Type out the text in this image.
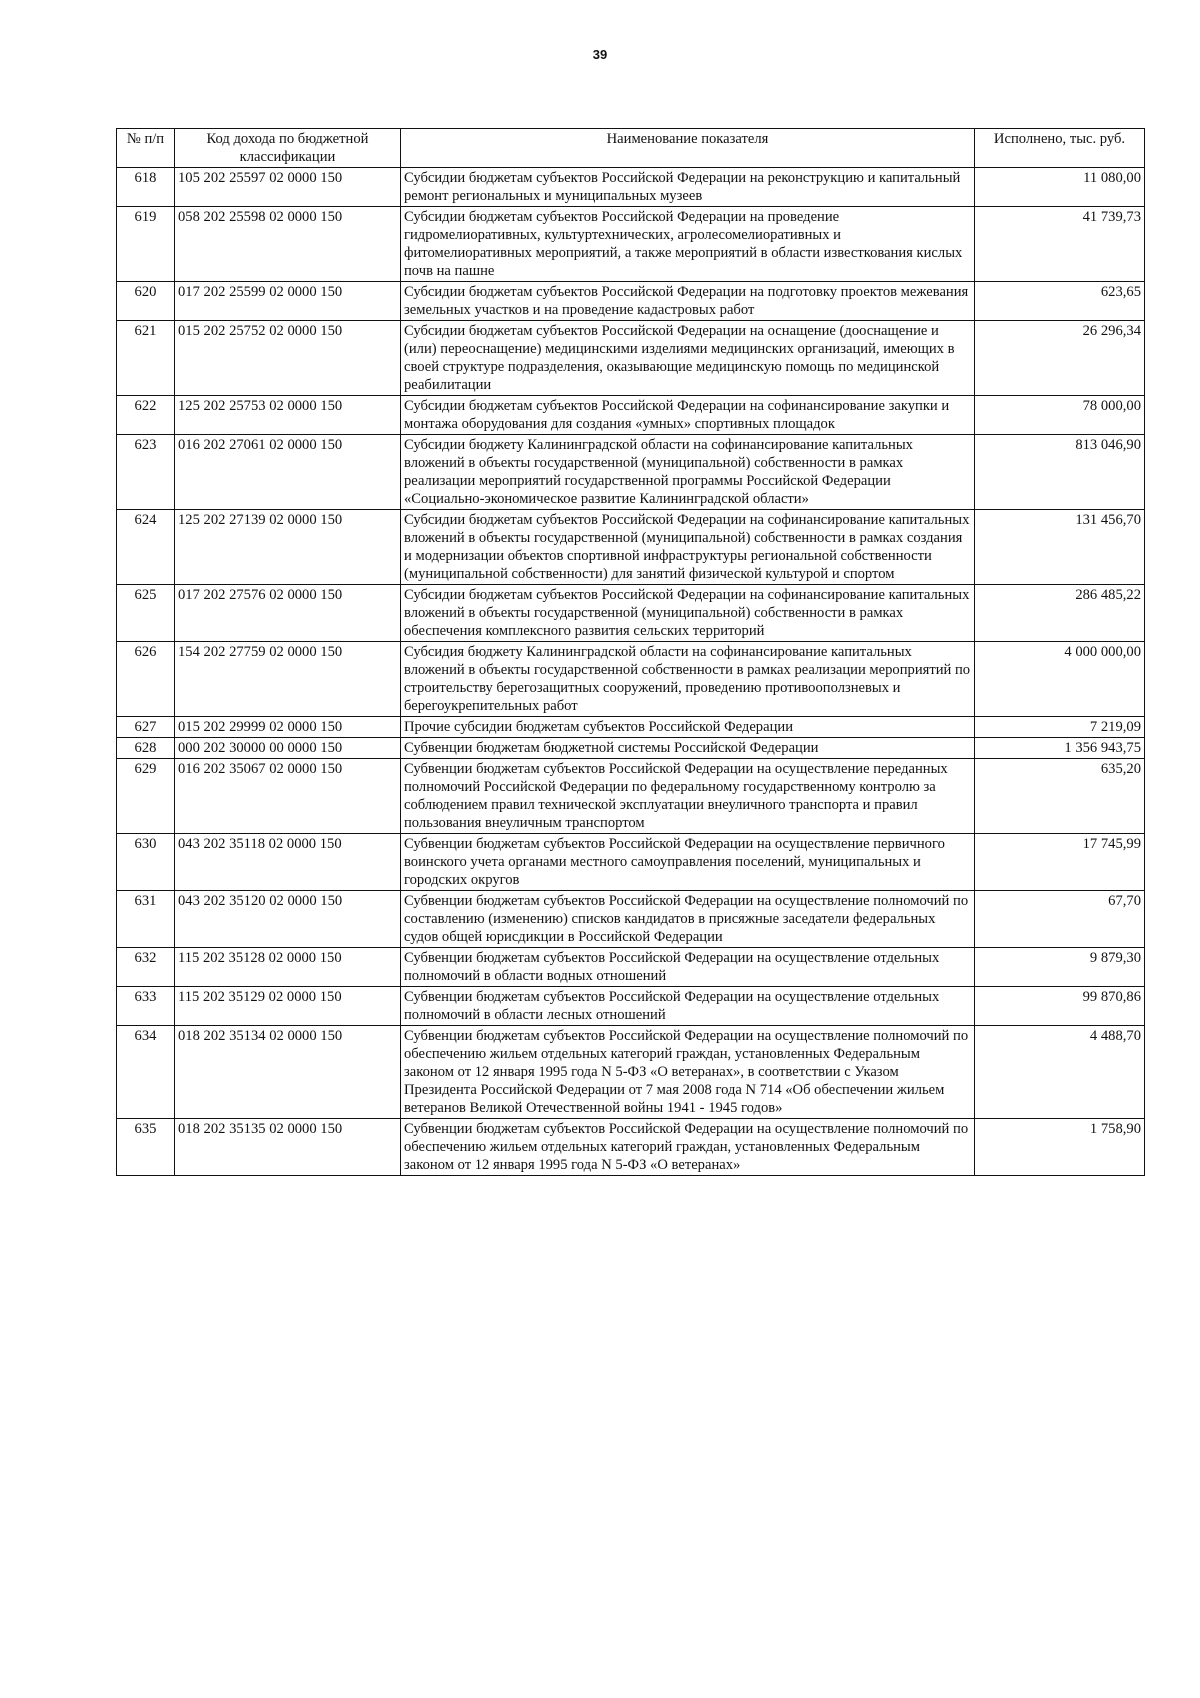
39
№ п/п	Код дохода по бюджетной классификации	Наименование показателя	Исполнено, тыс. руб.
618	105 202 25597 02 0000 150	Субсидии бюджетам субъектов Российской Федерации на реконструкцию и капитальный ремонт региональных и муниципальных музеев	11 080,00
619	058 202 25598 02 0000 150	Субсидии бюджетам субъектов Российской Федерации на проведение гидромелиоративных, культуртехнических, агролесомелиоративных и фитомелиоративных мероприятий, а также мероприятий в области известкования кислых почв на пашне	41 739,73
620	017 202 25599 02 0000 150	Субсидии бюджетам субъектов Российской Федерации на подготовку проектов межевания земельных участков и на проведение кадастровых работ	623,65
621	015 202 25752 02 0000 150	Субсидии бюджетам субъектов Российской Федерации на оснащение (дооснащение и (или) переоснащение) медицинскими изделиями медицинских организаций, имеющих в своей структуре подразделения, оказывающие медицинскую помощь по медицинской реабилитации	26 296,34
622	125 202 25753 02 0000 150	Субсидии бюджетам субъектов Российской Федерации на софинансирование закупки и монтажа оборудования для создания «умных» спортивных площадок	78 000,00
623	016 202 27061 02 0000 150	Субсидии бюджету Калининградской области на софинансирование капитальных вложений в объекты государственной (муниципальной) собственности в рамках реализации мероприятий государственной программы Российской Федерации «Социально-экономическое развитие Калининградской области»	813 046,90
624	125 202 27139 02 0000 150	Субсидии бюджетам субъектов Российской Федерации на софинансирование капитальных вложений в объекты государственной (муниципальной) собственности в рамках создания и модернизации объектов спортивной инфраструктуры региональной собственности (муниципальной собственности) для занятий физической культурой и спортом	131 456,70
625	017 202 27576 02 0000 150	Субсидии бюджетам субъектов Российской Федерации на софинансирование капитальных вложений в объекты государственной (муниципальной) собственности в рамках обеспечения комплексного развития сельских территорий	286 485,22
626	154 202 27759 02 0000 150	Субсидия бюджету Калининградской области на софинансирование капитальных вложений в объекты государственной собственности в рамках реализации мероприятий по строительству берегозащитных сооружений, проведению противооползневых и берегоукрепительных работ	4 000 000,00
627	015 202 29999 02 0000 150	Прочие субсидии бюджетам субъектов Российской Федерации	7 219,09
628	000 202 30000 00 0000 150	Субвенции бюджетам бюджетной системы Российской Федерации	1 356 943,75
629	016 202 35067 02 0000 150	Субвенции бюджетам субъектов Российской Федерации на осуществление переданных полномочий Российской Федерации по федеральному государственному контролю за соблюдением правил технической эксплуатации внеуличного транспорта и правил пользования внеуличным транспортом	635,20
630	043 202 35118 02 0000 150	Субвенции бюджетам субъектов Российской Федерации на осуществление первичного воинского учета органами местного самоуправления поселений, муниципальных и городских округов	17 745,99
631	043 202 35120 02 0000 150	Субвенции бюджетам субъектов Российской Федерации на осуществление полномочий по составлению (изменению) списков кандидатов в присяжные заседатели федеральных судов общей юрисдикции в Российской Федерации	67,70
632	115 202 35128 02 0000 150	Субвенции бюджетам субъектов Российской Федерации на осуществление отдельных полномочий в области водных отношений	9 879,30
633	115 202 35129 02 0000 150	Субвенции бюджетам субъектов Российской Федерации на осуществление отдельных полномочий в области лесных отношений	99 870,86
634	018 202 35134 02 0000 150	Субвенции бюджетам субъектов Российской Федерации на осуществление полномочий по обеспечению жильем отдельных категорий граждан, установленных Федеральным законом от 12 января 1995 года N 5-ФЗ «О ветеранах», в соответствии с Указом Президента Российской Федерации от 7 мая 2008 года N 714 «Об обеспечении жильем ветеранов Великой Отечественной войны 1941 - 1945 годов»	4 488,70
635	018 202 35135 02 0000 150	Субвенции бюджетам субъектов Российской Федерации на осуществление полномочий по обеспечению жильем отдельных категорий граждан, установленных Федеральным законом от 12 января 1995 года N 5-ФЗ «О ветеранах»	1 758,90
